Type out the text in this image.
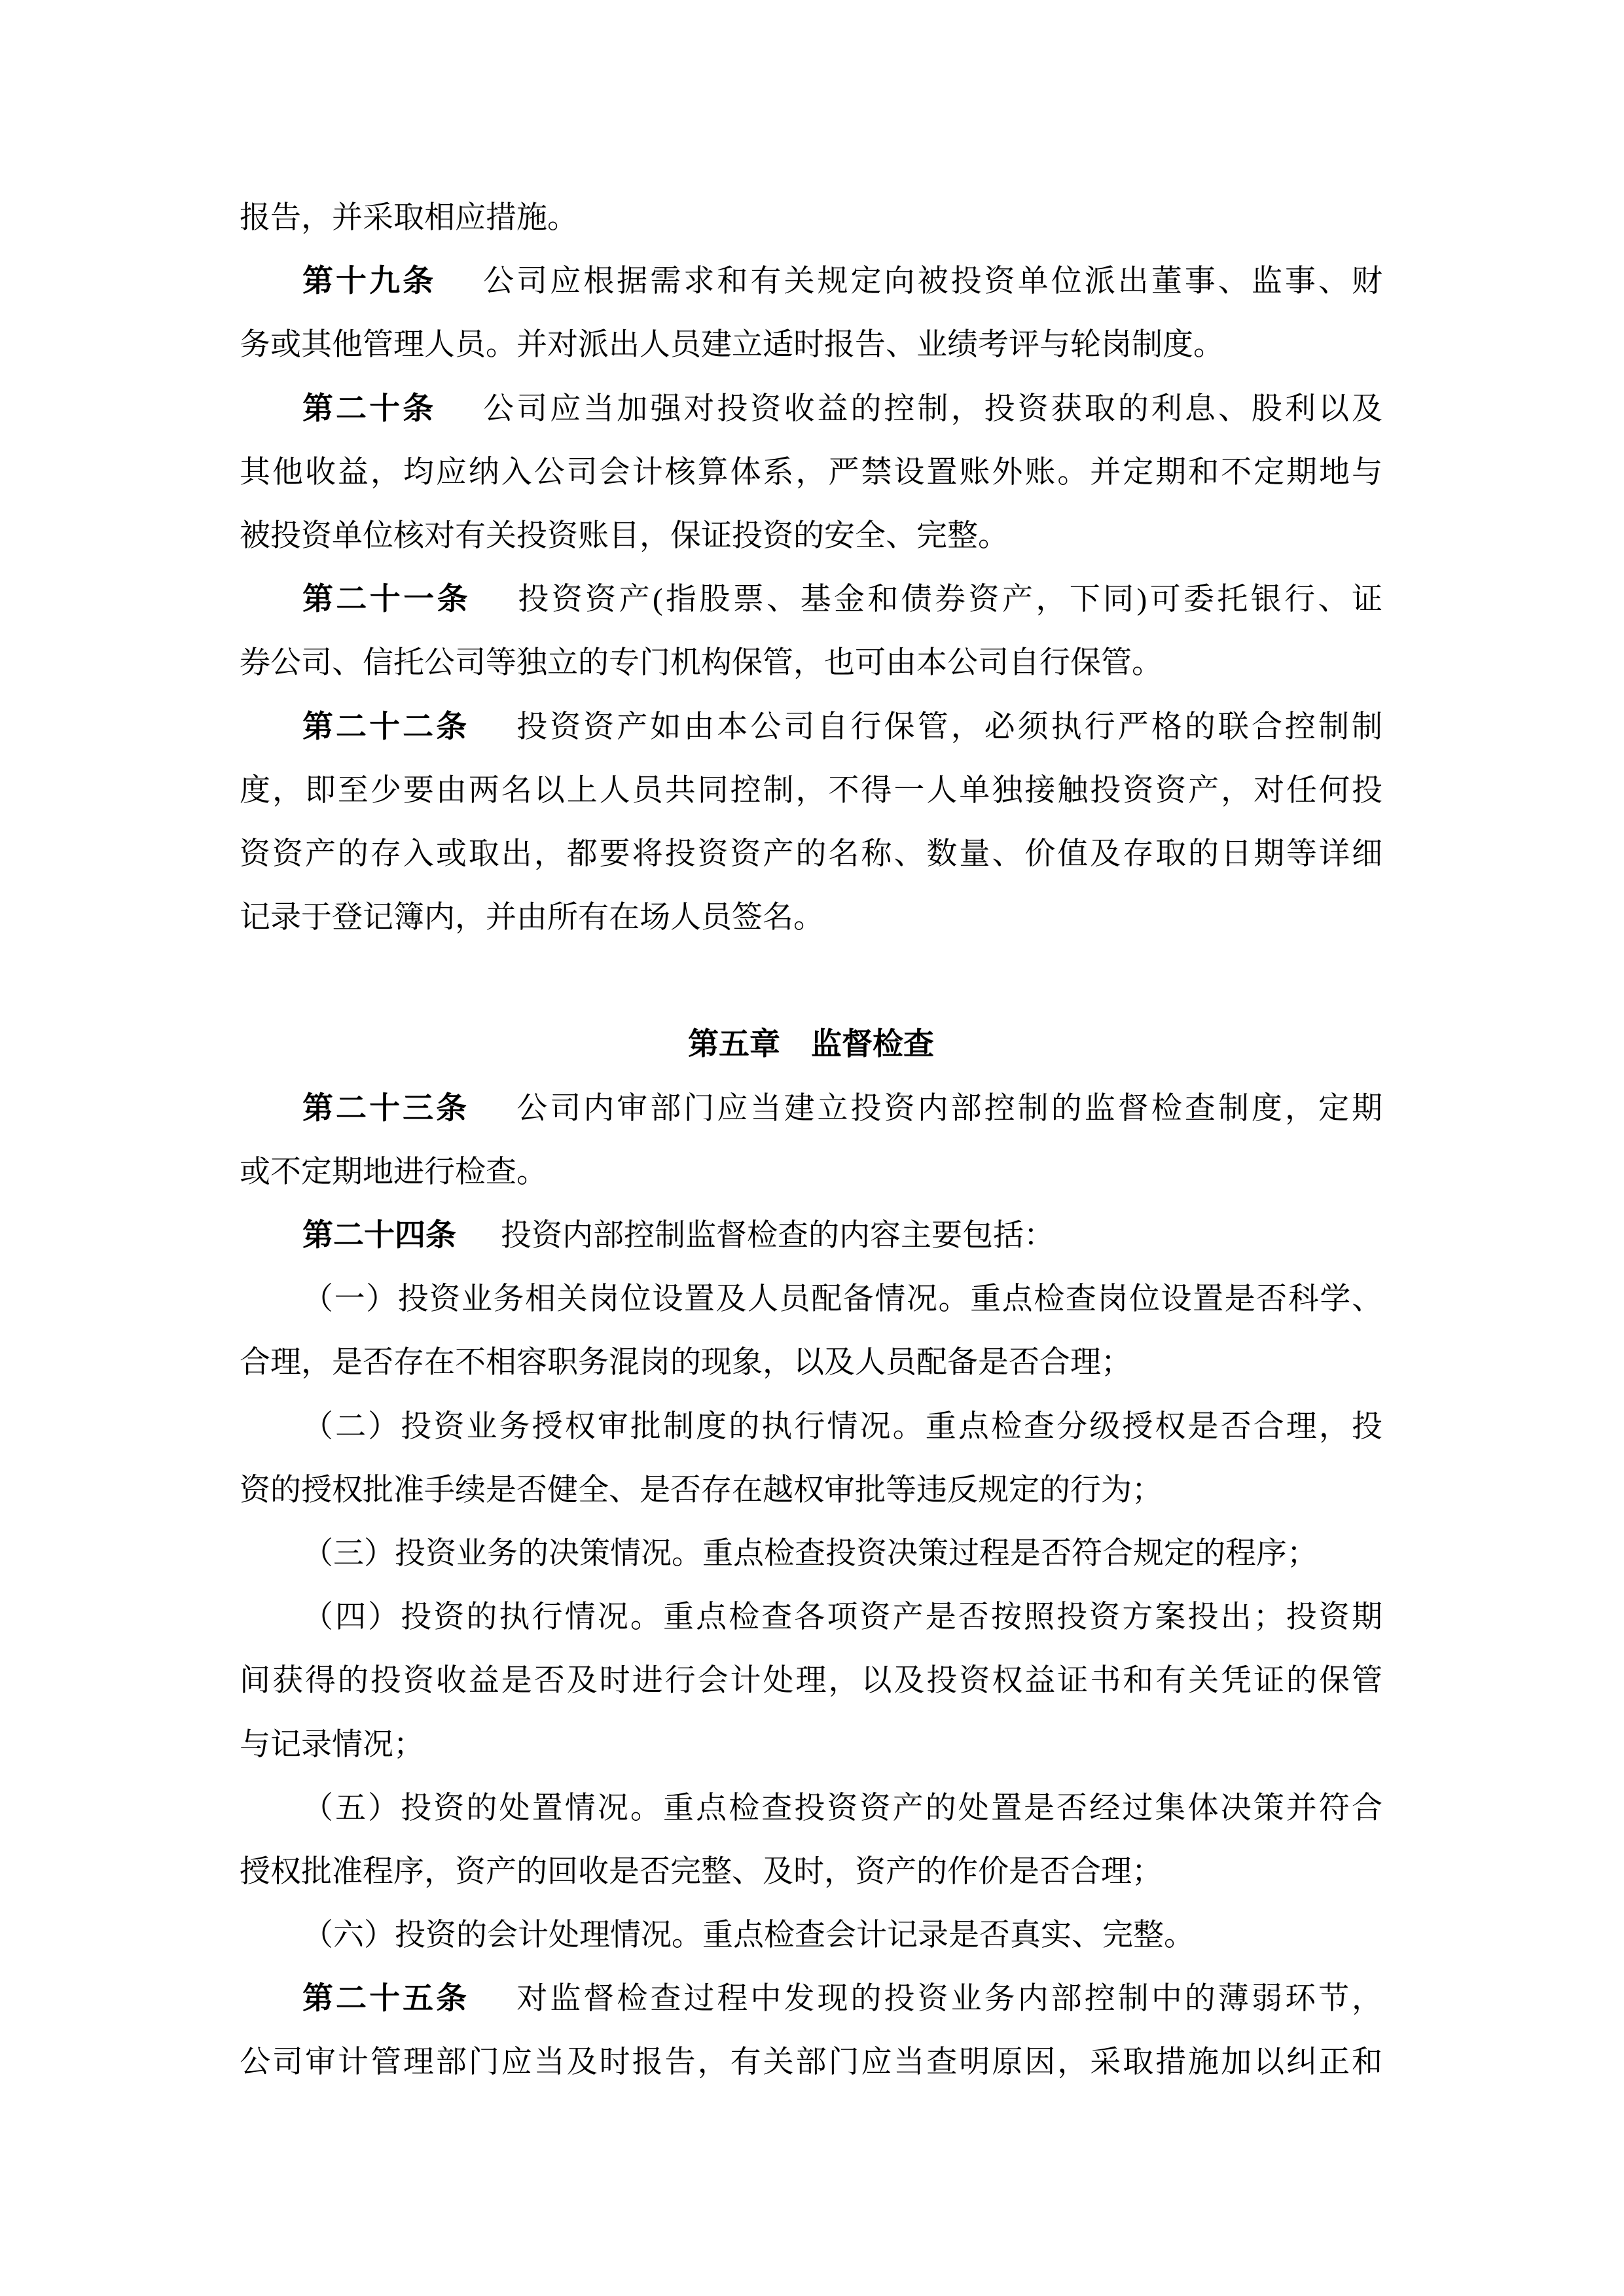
报告，并采取相应措施。
第十九条 公司应根据需求和有关规定向被投资单位派出董事、监事、财
务或其他管理人员。并对派出人员建立适时报告、业绩考评与轮岗制度。
第二十条 公司应当加强对投资收益的控制，投资获取的利息、股利以及
其他收益，均应纳入公司会计核算体系，严禁设置账外账。并定期和不定期地与
被投资单位核对有关投资账目，保证投资的安全、完整。
第二十一条 投资资产(指股票、基金和债券资产，下同)可委托银行、证
券公司、信托公司等独立的专门机构保管，也可由本公司自行保管。
第二十二条 投资资产如由本公司自行保管，必须执行严格的联合控制制
度，即至少要由两名以上人员共同控制，不得一人单独接触投资资产，对任何投
资资产的存入或取出，都要将投资资产的名称、数量、价值及存取的日期等详细
记录于登记簿内，并由所有在场人员签名。
第五章　监督检查
第二十三条 公司内审部门应当建立投资内部控制的监督检查制度，定期
或不定期地进行检查。
第二十四条 投资内部控制监督检查的内容主要包括：
（一）投资业务相关岗位设置及人员配备情况。重点检查岗位设置是否科学、
合理，是否存在不相容职务混岗的现象，以及人员配备是否合理；
（二）投资业务授权审批制度的执行情况。重点检查分级授权是否合理，投
资的授权批准手续是否健全、是否存在越权审批等违反规定的行为；
（三）投资业务的决策情况。重点检查投资决策过程是否符合规定的程序；
（四）投资的执行情况。重点检查各项资产是否按照投资方案投出；投资期
间获得的投资收益是否及时进行会计处理，以及投资权益证书和有关凭证的保管
与记录情况；
（五）投资的处置情况。重点检查投资资产的处置是否经过集体决策并符合
授权批准程序，资产的回收是否完整、及时，资产的作价是否合理；
（六）投资的会计处理情况。重点检查会计记录是否真实、完整。
第二十五条 对监督检查过程中发现的投资业务内部控制中的薄弱环节，
公司审计管理部门应当及时报告，有关部门应当查明原因，采取措施加以纠正和
